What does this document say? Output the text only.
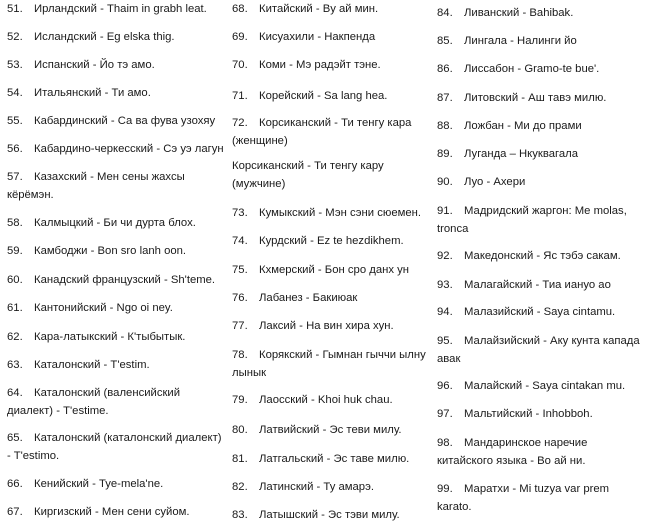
51. Ирландский - Thaim in grabh leat.
52. Исландский - Eg elska thig.
53. Испанский - Йо тэ амо.
54. Итальянский - Ти амо.
55. Кабардинский - Са ва фува узохяу
56. Кабардино-черкесский - Сэ уэ лагун
57. Казахский - Мен сены жахсы
кёрёмэн.
58. Калмыцкий - Би чи дурта блох.
59. Камбоджи - Bon sro lanh oon.
60. Канадский французский - Sh'teme.
61. Кантонийский - Ngo oi ney.
62. Кара-латыкский - К'тыбытык.
63. Каталонский - T'estim.
64. Каталонский (валенсийский
диалект) - T'estime.
65. Каталонский (каталонский диалект)
- T'estimo.
66. Кенийский - Tye-mela'ne.
67. Киргизский - Мен сени суйом.
68. Китайский - Ву ай мин.
69. Кисуахили - Накпенда
70. Коми - Мэ радэйт тэне.
71. Корейский - Sa lang hea.
72. Корсиканский - Ти тенгу кара
(женщине)
Корсиканский - Ти тенгу кару
(мужчине)
73. Кумыкский - Мэн сэни сюемен.
74. Курдский - Ez te hezdikhem.
75. Кхмерский - Бон сро данх ун
76. Лабанез - Бакиюак
77. Лаксий - На вин хира хун.
78. Корякский - Гымнан гыччи ылну
лынык
79. Лаосский - Khoi huk chau.
80. Латвийский - Эс теви милу.
81. Латгальский - Эс таве милю.
82. Латинский - Ту амарэ.
83. Латышский - Эс тэви милу.
84. Ливанский - Bahibak.
85. Лингала - Налинги йо
86. Лиссабон - Gramo-te bue'.
87. Литовский - Аш тавэ милю.
88. Ложбан - Ми до прами
89. Луганда – Нкуквагала
90. Луо - Ахери
91. Мадридский жаргон: Me molas,
tronca
92. Македонский - Яс тэбэ сакам.
93. Малагайский - Тиа иануо ао
94. Малазийский - Saya cintamu.
95. Малайзийский - Аку кунта капада
авак
96. Малайский - Saya cintakan mu.
97. Мальтийский - Inhobboh.
98. Мандаринское наречие
китайского языка - Во ай ни.
99. Маратхи - Mi tuzya var prem
karato.
